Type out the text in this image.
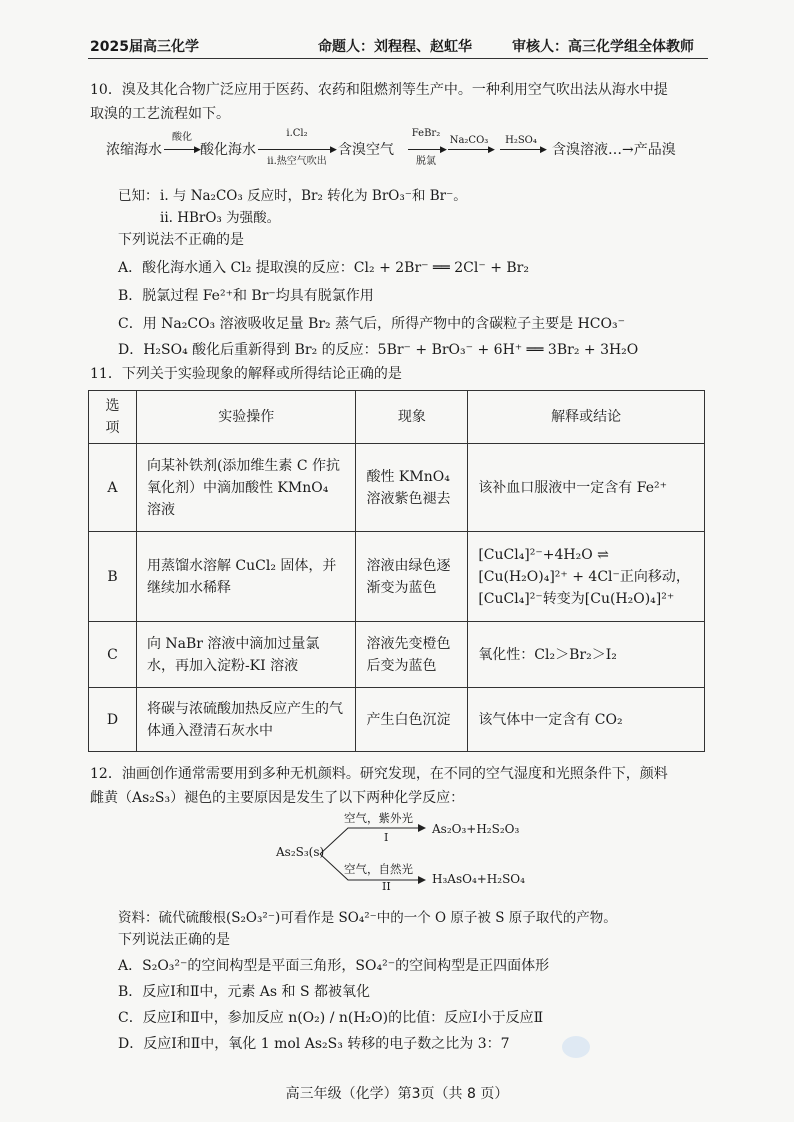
2025届高三化学	命题人：刘程程、赵虹华	审核人：高三化学组全体教师
10．溴及其化合物广泛应用于医药、农药和阻燃剂等生产中。一种利用空气吹出法从海水中提
取溴的工艺流程如下。
浓缩海水
酸化
▶ 酸化海水
i.Cl₂
▶
ii.热空气吹出
含溴空气
FeBr₂
▶
脱氯
Na₂CO₃
▶
H₂SO₄
▶ 含溴溶液…→产品溴
已知： i. 与 Na₂CO₃ 反应时，Br₂ 转化为 BrO₃⁻和 Br⁻。
ii. HBrO₃ 为强酸。
下列说法不正确的是
A．酸化海水通入 Cl₂ 提取溴的反应：Cl₂ + 2Br⁻ ══ 2Cl⁻ + Br₂
B．脱氯过程 Fe²⁺和 Br⁻均具有脱氯作用
C．用 Na₂CO₃ 溶液吸收足量 Br₂ 蒸气后，所得产物中的含碳粒子主要是 HCO₃⁻
D．H₂SO₄ 酸化后重新得到 Br₂ 的反应：5Br⁻ + BrO₃⁻ + 6H⁺ ══ 3Br₂ + 3H₂O
11．下列关于实验现象的解释或所得结论正确的是
选项	实验操作	现象	解释或结论
A	向某补铁剂(添加维生素 C 作抗氧化剂）中滴加酸性 KMnO₄ 溶液	酸性 KMnO₄ 溶液紫色褪去	该补血口服液中一定含有 Fe²⁺
B	用蒸馏水溶解 CuCl₂ 固体，并继续加水稀释	溶液由绿色逐渐变为蓝色	[CuCl₄]²⁻+4H₂O ⇌ [Cu(H₂O)₄]²⁺ + 4Cl⁻正向移动，[CuCl₄]²⁻转变为[Cu(H₂O)₄]²⁺
C	向 NaBr 溶液中滴加过量氯水，再加入淀粉-KI 溶液	溶液先变橙色后变为蓝色	氧化性：Cl₂＞Br₂＞I₂
D	将碳与浓硫酸加热反应产生的气体通入澄清石灰水中	产生白色沉淀	该气体中一定含有 CO₂
12．油画创作通常需要用到多种无机颜料。研究发现，在不同的空气湿度和光照条件下，颜料
雌黄（As₂S₃）褪色的主要原因是发生了以下两种化学反应：
As₂S₃(s)
空气，紫外光
I
As₂O₃+H₂S₂O₃
空气，自然光
II
H₃AsO₄+H₂SO₄
资料：硫代硫酸根(S₂O₃²⁻)可看作是 SO₄²⁻中的一个 O 原子被 S 原子取代的产物。
下列说法正确的是
A．S₂O₃²⁻的空间构型是平面三角形，SO₄²⁻的空间构型是正四面体形
B．反应Ⅰ和Ⅱ中，元素 As 和 S 都被氧化
C．反应Ⅰ和Ⅱ中，参加反应 n(O₂) / n(H₂O)的比值：反应Ⅰ小于反应Ⅱ
D．反应Ⅰ和Ⅱ中，氧化 1 mol As₂S₃ 转移的电子数之比为 3：7
高三年级（化学）第3页（共 8 页）
